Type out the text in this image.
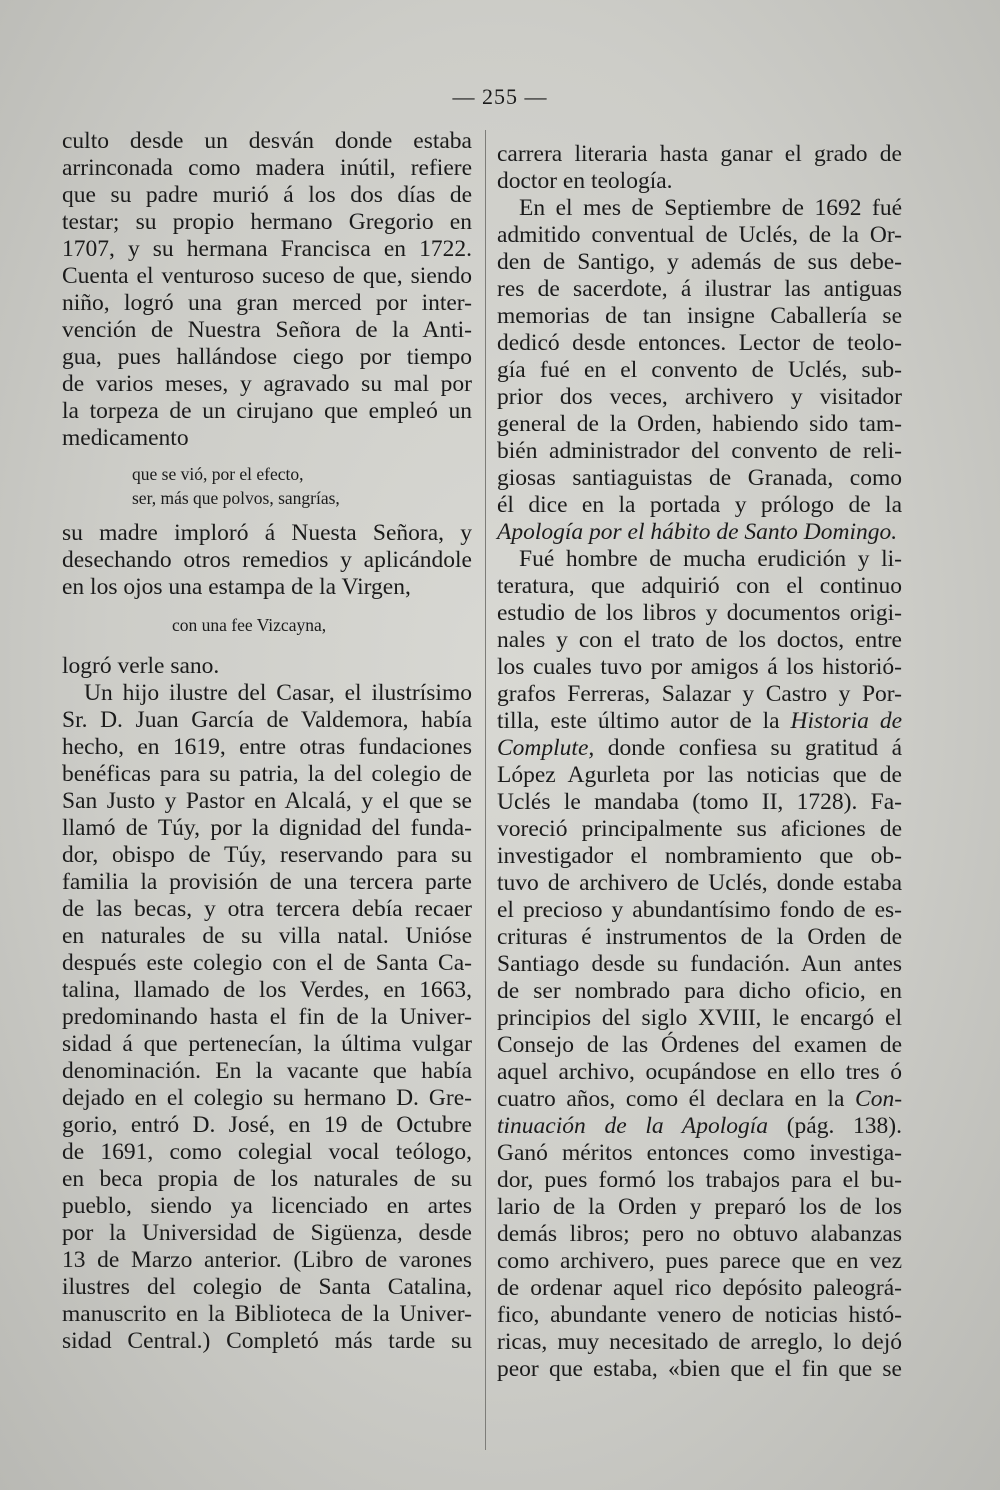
— 255 —
culto desde un desván donde estaba
arrinconada como madera inútil, refiere
que su padre murió á los dos días de
testar; su propio hermano Gregorio en
1707, y su hermana Francisca en 1722.
Cuenta el venturoso suceso de que, siendo
niño, logró una gran merced por inter-
vención de Nuestra Señora de la Anti-
gua, pues hallándose ciego por tiempo
de varios meses, y agravado su mal por
la torpeza de un cirujano que empleó un
medicamento
que se vió, por el efecto,
ser, más que polvos, sangrías,
su madre imploró á Nuesta Señora, y
desechando otros remedios y aplicándole
en los ojos una estampa de la Virgen,
con una fee Vizcayna,
logró verle sano.
Un hijo ilustre del Casar, el ilustrísimo
Sr. D. Juan García de Valdemora, había
hecho, en 1619, entre otras fundaciones
benéficas para su patria, la del colegio de
San Justo y Pastor en Alcalá, y el que se
llamó de Túy, por la dignidad del funda-
dor, obispo de Túy, reservando para su
familia la provisión de una tercera parte
de las becas, y otra tercera debía recaer
en naturales de su villa natal. Unióse
después este colegio con el de Santa Ca-
talina, llamado de los Verdes, en 1663,
predominando hasta el fin de la Univer-
sidad á que pertenecían, la última vulgar
denominación. En la vacante que había
dejado en el colegio su hermano D. Gre-
gorio, entró D. José, en 19 de Octubre
de 1691, como colegial vocal teólogo,
en beca propia de los naturales de su
pueblo, siendo ya licenciado en artes
por la Universidad de Sigüenza, desde
13 de Marzo anterior. (Libro de varones
ilustres del colegio de Santa Catalina,
manuscrito en la Biblioteca de la Univer-
sidad Central.) Completó más tarde su
carrera literaria hasta ganar el grado de
doctor en teología.
En el mes de Septiembre de 1692 fué
admitido conventual de Uclés, de la Or-
den de Santigo, y además de sus debe-
res de sacerdote, á ilustrar las antiguas
memorias de tan insigne Caballería se
dedicó desde entonces. Lector de teolo-
gía fué en el convento de Uclés, sub-
prior dos veces, archivero y visitador
general de la Orden, habiendo sido tam-
bién administrador del convento de reli-
giosas santiaguistas de Granada, como
él dice en la portada y prólogo de la
Apología por el hábito de Santo Domingo.
Fué hombre de mucha erudición y li-
teratura, que adquirió con el continuo
estudio de los libros y documentos origi-
nales y con el trato de los doctos, entre
los cuales tuvo por amigos á los historió-
grafos Ferreras, Salazar y Castro y Por-
tilla, este último autor de la Historia de
Complute, donde confiesa su gratitud á
López Agurleta por las noticias que de
Uclés le mandaba (tomo II, 1728). Fa-
voreció principalmente sus aficiones de
investigador el nombramiento que ob-
tuvo de archivero de Uclés, donde estaba
el precioso y abundantísimo fondo de es-
crituras é instrumentos de la Orden de
Santiago desde su fundación. Aun antes
de ser nombrado para dicho oficio, en
principios del siglo XVIII, le encargó el
Consejo de las Órdenes del examen de
aquel archivo, ocupándose en ello tres ó
cuatro años, como él declara en la Con-
tinuación de la Apología (pág. 138).
Ganó méritos entonces como investiga-
dor, pues formó los trabajos para el bu-
lario de la Orden y preparó los de los
demás libros; pero no obtuvo alabanzas
como archivero, pues parece que en vez
de ordenar aquel rico depósito paleográ-
fico, abundante venero de noticias histó-
ricas, muy necesitado de arreglo, lo dejó
peor que estaba, «bien que el fin que se
